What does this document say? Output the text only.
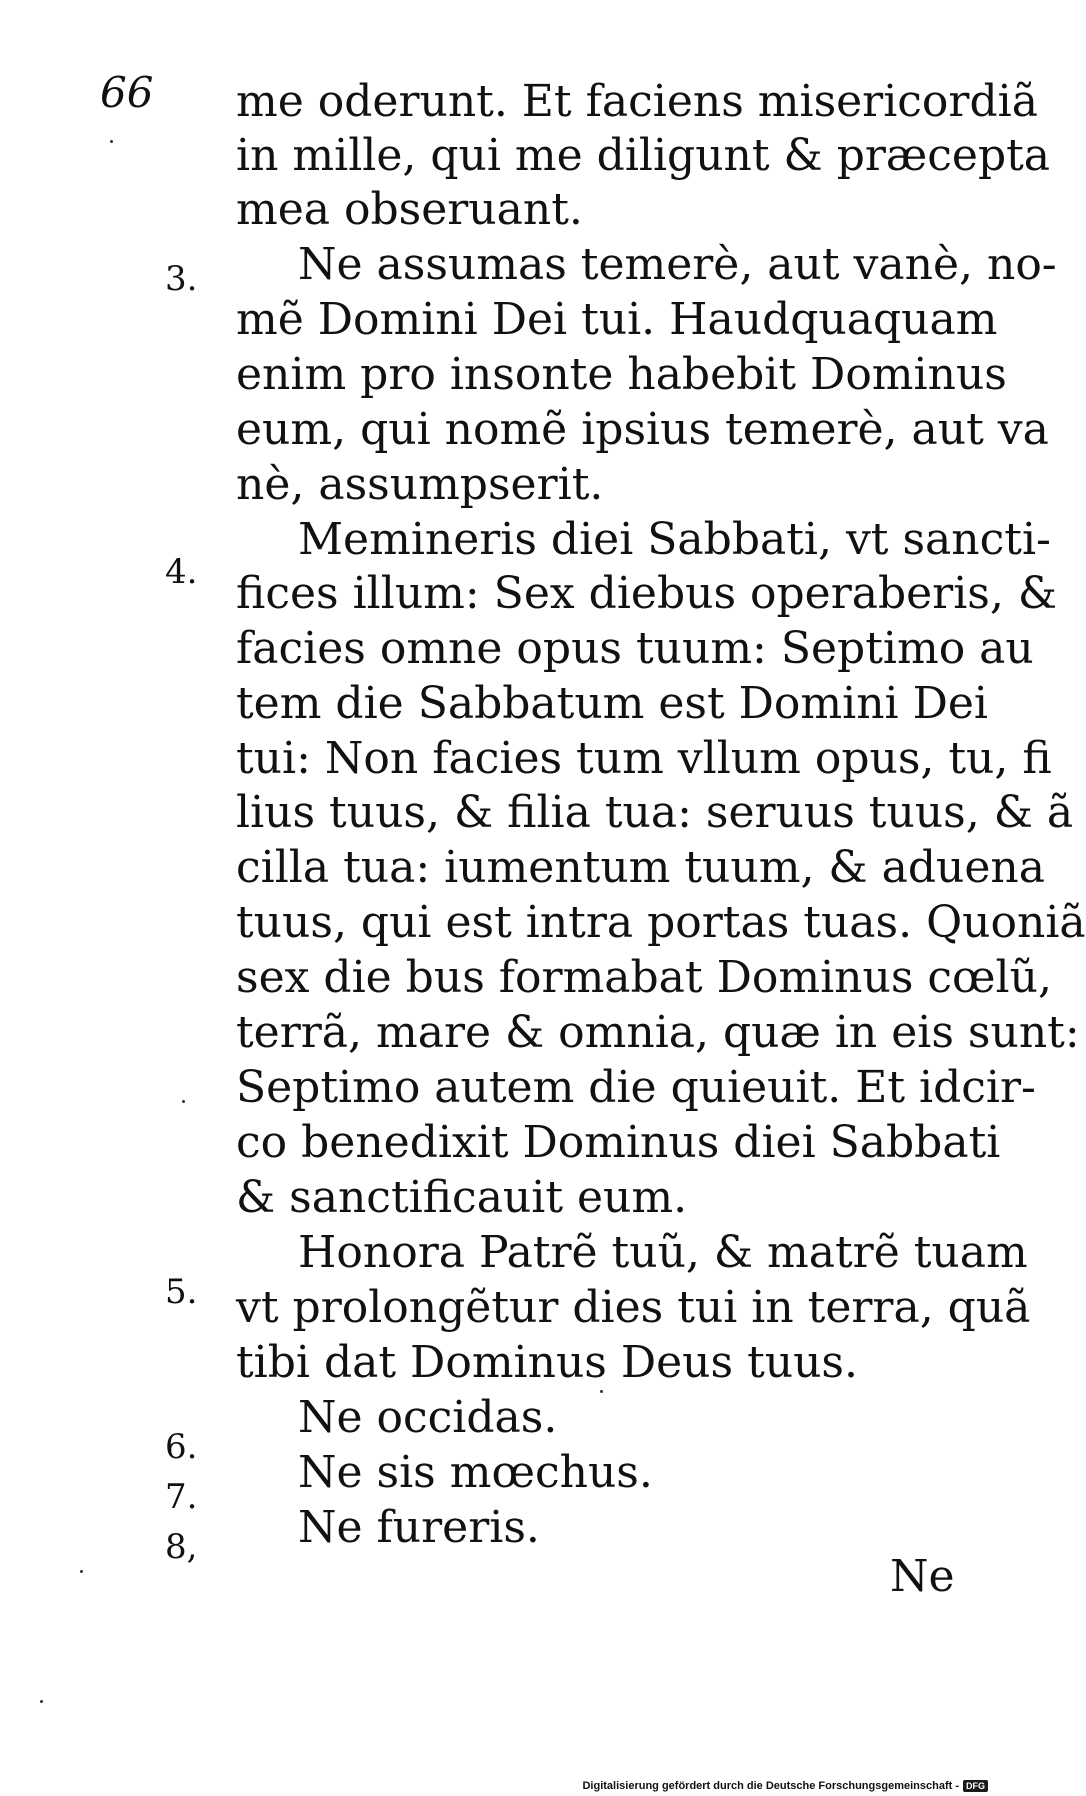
66
3.
4.
5.
6.
7.
8,
me oderunt. Et faciens misericordiã
in mille, qui me diligunt & præcepta
mea obseruant.
Ne assumas temerè, aut vanè, no-
mẽ Domini Dei tui. Haudquaquam
enim pro insonte habebit Dominus
eum, qui nomẽ ipsius temerè, aut va
nè, assumpserit.
Memineris diei Sabbati, vt sancti-
fices illum: Sex diebus operaberis, &
facies omne opus tuum: Septimo au
tem die Sabbatum est Domini Dei
tui: Non facies tum vllum opus, tu, fi
lius tuus, & filia tua: seruus tuus, & ã
cilla tua: iumentum tuum, & aduena
tuus, qui est intra portas tuas. Quoniã
sex die bus formabat Dominus cœlũ,
terrã, mare & omnia, quæ in eis sunt:
Septimo autem die quieuit. Et idcir-
co benedixit Dominus diei Sabbati
& sanctificauit eum.
Honora Patrẽ tuũ, & matrẽ tuam
vt prolongẽtur dies tui in terra, quã
tibi dat Dominus Deus tuus.
Ne occidas.
Ne sis mœchus.
Ne fureris.
Ne
Digitalisierung gefördert durch die Deutsche Forschungsgemeinschaft - DFG
